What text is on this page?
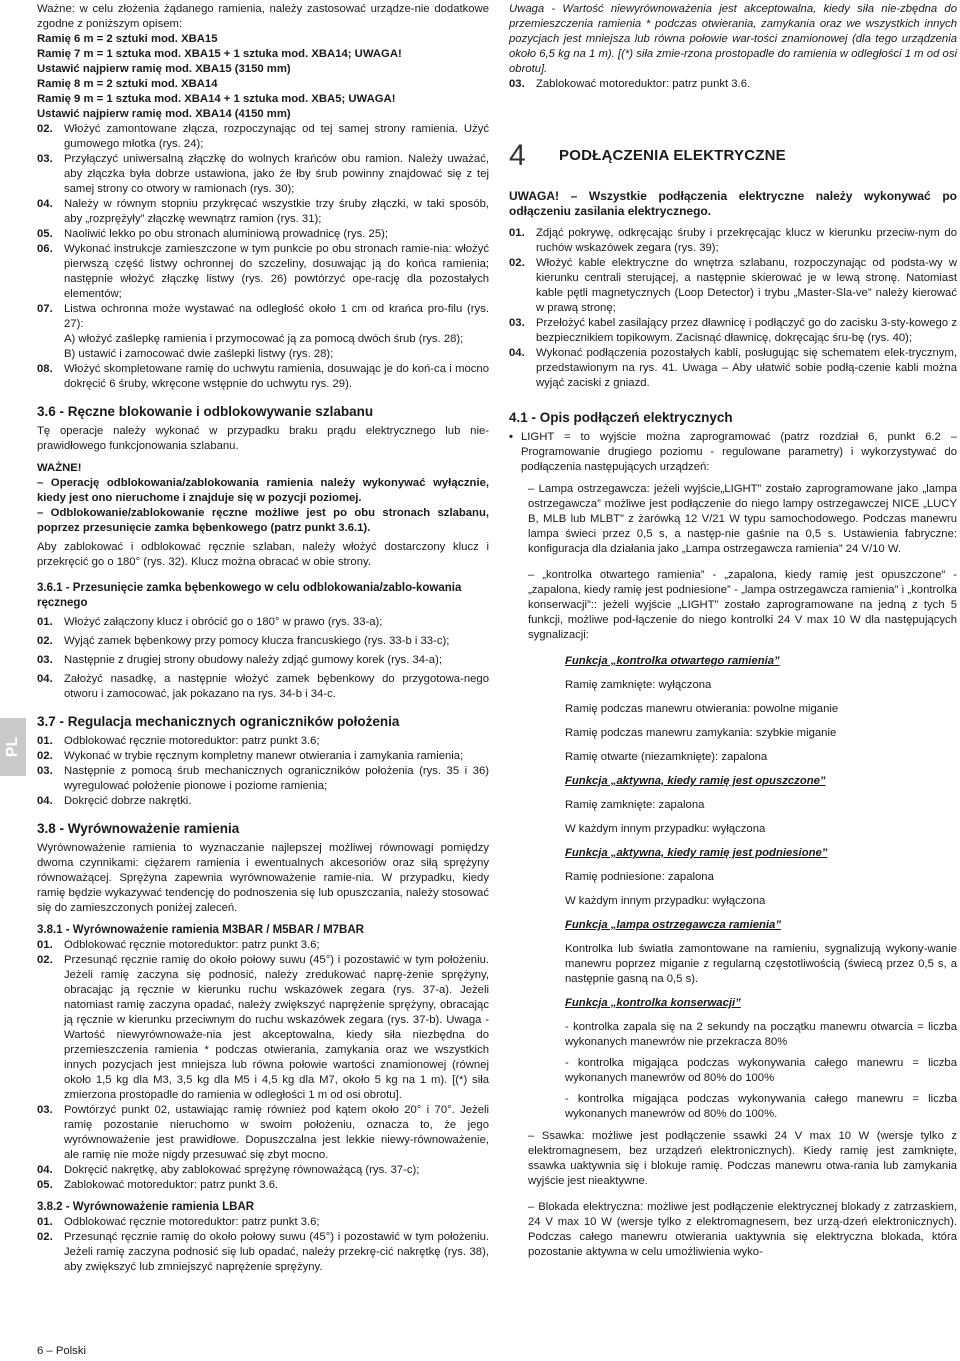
PL

Ważne: w celu złożenia żądanego ramienia, należy zastosować urządze-nie dodatkowe zgodne z poniższym opisem:

Ramię 6 m = 2 sztuki mod. XBA15

Ramię 7 m = 1 sztuka mod. XBA15 + 1 sztuka mod. XBA14; UWAGA!

Ustawić najpierw ramię mod. XBA15 (3150 mm)

Ramię 8 m = 2 sztuki mod. XBA14

Ramię 9 m = 1 sztuka mod. XBA14 + 1 sztuka mod. XBA5; UWAGA!

Ustawić najpierw ramię mod. XBA14 (4150 mm)

02. Włożyć zamontowane złącza, rozpoczynając od tej samej strony ramienia. Użyć gumowego młotka (rys. 24);
03. Przyłączyć uniwersalną złączkę do wolnych krańców obu ramion. Należy uważać, aby złączka była dobrze ustawiona, jako że łby śrub powinny znajdować się z tej samej strony co otwory w ramionach (rys. 30);
04. Należy w równym stopniu przykręcać wszystkie trzy śruby złączki, w taki sposób, aby „rozprężyły” złączkę wewnątrz ramion (rys. 31);
05. Naoliwić lekko po obu stronach aluminiową prowadnicę (rys. 25);
06. Wykonać instrukcje zamieszczone w tym punkcie po obu stronach ramie-nia: włożyć pierwszą część listwy ochronnej do szczeliny, dosuwając ją do końca ramienia; następnie włożyć złączkę listwy (rys. 26) powtórzyć ope-rację dla pozostałych elementów;
07. Listwa ochronna może wystawać na odległość około 1 cm od krańca pro-filu (rys. 27):

A) włożyć zaślepkę ramienia i przymocować ją za pomocą dwóch śrub (rys. 28);

B) ustawić i zamocować dwie zaślepki listwy (rys. 28);

08. Włożyć skompletowane ramię do uchwytu ramienia, dosuwając je do koń-ca i mocno dokręcić 6 śruby, wkręcone wstępnie do uchwytu rys. 29).

3.6 - Ręczne blokowanie i odblokowywanie szlabanu

Tę operacje należy wykonać w przypadku braku prądu elektrycznego lub nie-prawidłowego funkcjonowania szlabanu.

WAŻNE!

– Operację odblokowania/zablokowania ramienia należy wykonywać wyłącznie, kiedy jest ono nieruchome i znajduje się w pozycji poziomej.

– Odblokowanie/zablokowanie ręczne możliwe jest po obu stronach szlabanu, poprzez przesunięcie zamka bębenkowego (patrz punkt 3.6.1).

Aby zablokować i odblokować ręcznie szlaban, należy włożyć dostarczony klucz i przekręcić go o 180° (rys. 32). Klucz można obracać w obie strony.

3.6.1 - Przesunięcie zamka bębenkowego w celu odblokowania/zablo-kowania ręcznego

01. Włożyć załączony klucz i obrócić go o 180° w prawo (rys. 33-a);
02. Wyjąć zamek bębenkowy przy pomocy klucza francuskiego (rys. 33-b i 33-c);
03. Następnie z drugiej strony obudowy należy zdjąć gumowy korek (rys. 34-a);
04. Założyć nasadkę, a następnie włożyć zamek bębenkowy do przygotowa-nego otworu i zamocować, jak pokazano na rys. 34-b i 34-c.

3.7 - Regulacja mechanicznych ograniczników położenia

01. Odblokować ręcznie motoreduktor: patrz punkt 3.6;
02. Wykonać w trybie ręcznym kompletny manewr otwierania i zamykania ramienia;
03. Następnie z pomocą śrub mechanicznych ograniczników położenia (rys. 35 i 36) wyregulować położenie pionowe i poziome ramienia;
04. Dokręcić dobrze nakrętki.

3.8 - Wyrównoważenie ramienia

Wyrównoważenie ramienia to wyznaczanie najlepszej możliwej równowagi pomiędzy dwoma czynnikami: ciężarem ramienia i ewentualnych akcesoriów oraz siłą sprężyny równoważącej. Sprężyna zapewnia wyrównoważenie ramie-nia. W przypadku, kiedy ramię będzie wykazywać tendencję do podnoszenia się lub opuszczania, należy stosować się do zamieszczonych poniżej zaleceń.

3.8.1 - Wyrównoważenie ramienia M3BAR / M5BAR / M7BAR

01. Odblokować ręcznie motoreduktor: patrz punkt 3.6;
02. Przesunąć ręcznie ramię do około połowy suwu (45°) i pozostawić w tym położeniu. Jeżeli ramię zaczyna się podnosić, należy zredukować naprę-żenie sprężyny, obracając ją ręcznie w kierunku ruchu wskazówek zegara (rys. 37-a). Jeżeli natomiast ramię zaczyna opadać, należy zwiększyć naprężenie sprężyny, obracając ją ręcznie w kierunku przeciwnym do ruchu wskazówek zegara (rys. 37-b). Uwaga - Wartość niewyrównoważe-nia jest akceptowalna, kiedy siła niezbędna do przemieszczenia ramienia * podczas otwierania, zamykania oraz we wszystkich innych pozycjach jest mniejsza lub równa połowie wartości znamionowej (równej około 1,5 kg dla M3, 3,5 kg dla M5 i 4,5 kg dla M7, około 5 kg na 1 m). [(*) siła zmierzona prostopadle do ramienia w odległości 1 m od osi obrotu].
03. Powtórzyć punkt 02, ustawiając ramię również pod kątem około 20° i 70°. Jeżeli ramię pozostanie nieruchomo w swoim położeniu, oznacza to, że jego wyrównoważenie jest prawidłowe. Dopuszczalna jest lekkie niewy-równoważenie, ale ramię nie może nigdy przesuwać się zbyt mocno.
04. Dokręcić nakrętkę, aby zablokować sprężynę równoważącą (rys. 37-c);
05. Zablokować motoreduktor: patrz punkt 3.6.

3.8.2 - Wyrównoważenie ramienia LBAR

01. Odblokować ręcznie motoreduktor: patrz punkt 3.6;
02. Przesunąć ręcznie ramię do około połowy suwu (45°) i pozostawić w tym położeniu. Jeżeli ramię zaczyna podnosić się lub opadać, należy przekrę-cić nakrętkę (rys. 38), aby zwiększyć lub zmniejszyć naprężenie sprężyny.

Uwaga - Wartość niewyrównoważenia jest akceptowalna, kiedy siła nie-zbędna do przemieszczenia ramienia * podczas otwierania, zamykania oraz we wszystkich innych pozycjach jest mniejsza lub równa połowie war-tości znamionowej (dla tego urządzenia około 6,5 kg na 1 m). [(*) siła zmie-rzona prostopadle do ramienia w odległości 1 m od osi obrotu].

03. Zablokować motoreduktor: patrz punkt 3.6.
4	PODŁĄCZENIA ELEKTRYCZNE

UWAGA! – Wszystkie podłączenia elektryczne należy wykonywać po odłączeniu zasilania elektrycznego.

01. Zdjąć pokrywę, odkręcając śruby i przekręcając klucz w kierunku przeciw-nym do ruchów wskazówek zegara (rys. 39);
02. Włożyć kable elektryczne do wnętrza szlabanu, rozpoczynając od podsta-wy w kierunku centrali sterującej, a następnie skierować je w lewą stronę. Natomiast kable pętli magnetycznych (Loop Detector) i trybu „Master-Sla-ve” należy kierować w prawą stronę;
03. Przełożyć kabel zasilający przez dławnicę i podłączyć go do zacisku 3-sty-kowego z bezpiecznikiem topikowym. Zacisnąć dławnicę, dokręcając śru-bę (rys. 40);
04. Wykonać podłączenia pozostałych kabli, posługując się schematem elek-trycznym, przedstawionym na rys. 41. Uwaga – Aby ułatwić sobie podłą-czenie kabli można wyjąć zaciski z gniazd.

4.1 - Opis podłączeń elektrycznych

• LIGHT = to wyjście można zaprogramować (patrz rozdział 6, punkt 6.2 – Programowanie drugiego poziomu - regulowane parametry) i wykorzystywać do podłączenia następujących urządzeń:

– Lampa ostrzegawcza: jeżeli wyjście„LIGHT” zostało zaprogramowane jako „lampa ostrzegawcza” możliwe jest podłączenie do niego lampy ostrzegawczej NICE „LUCY B, MLB lub MLBT” z żarówką 12 V/21 W typu samochodowego. Podczas manewru lampa świeci przez 0,5 s, a następ-nie gaśnie na 0,5 s. Ustawienia fabryczne: konfiguracja dla działania jako „Lampa ostrzegawcza ramienia” 24 V/10 W.

– „kontrolka otwartego ramienia” - „zapalona, kiedy ramię jest opuszczone” - „zapalona, kiedy ramię jest podniesione” - „lampa ostrzegawcza ramienia” i „kontrolka konserwacji”:: jeżeli wyjście „LIGHT” zostało zaprogramowane na jedną z tych 5 funkcji, możliwe pod-łączenie do niego kontrolki 24 V max 10 W dla następujących sygnalizacji:

Funkcja „kontrolka otwartego ramienia”

Ramię zamknięte: wyłączona

Ramię podczas manewru otwierania: powolne miganie

Ramię podczas manewru zamykania: szybkie miganie

Ramię otwarte (niezamknięte): zapalona

Funkcja „aktywna, kiedy ramię jest opuszczone”

Ramię zamknięte: zapalona

W każdym innym przypadku: wyłączona

Funkcja „aktywna, kiedy ramię jest podniesione”

Ramię podniesione: zapalona

W każdym innym przypadku: wyłączona

Funkcja „lampa ostrzegawcza ramienia”

Kontrolka lub światła zamontowane na ramieniu, sygnalizują wykony-wanie manewru poprzez miganie z regularną częstotliwością (świecą przez 0,5 s, a następnie gasną na 0,5 s).

Funkcja „kontrolka konserwacji”

- kontrolka zapala się na 2 sekundy na początku manewru otwarcia = liczba wykonanych manewrów nie przekracza 80%

- kontrolka migająca podczas wykonywania całego manewru = liczba wykonanych manewrów od 80% do 100%

- kontrolka migająca podczas wykonywania całego manewru = liczba wykonanych manewrów od 80% do 100%.

– Ssawka: możliwe jest podłączenie ssawki 24 V max 10 W (wersje tylko z elektromagnesem, bez urządzeń elektronicznych). Kiedy ramię jest zamknięte, ssawka uaktywnia się i blokuje ramię. Podczas manewru otwa-rania lub zamykania wyjście jest nieaktywne.

– Blokada elektryczna: możliwe jest podłączenie elektrycznej blokady z zatrzaskiem, 24 V max 10 W (wersje tylko z elektromagnesem, bez urzą-dzeń elektronicznych). Podczas całego manewru otwierania uaktywnia się elektryczna blokada, która pozostanie aktywna w celu umożliwienia wyko-

6 – Polski
